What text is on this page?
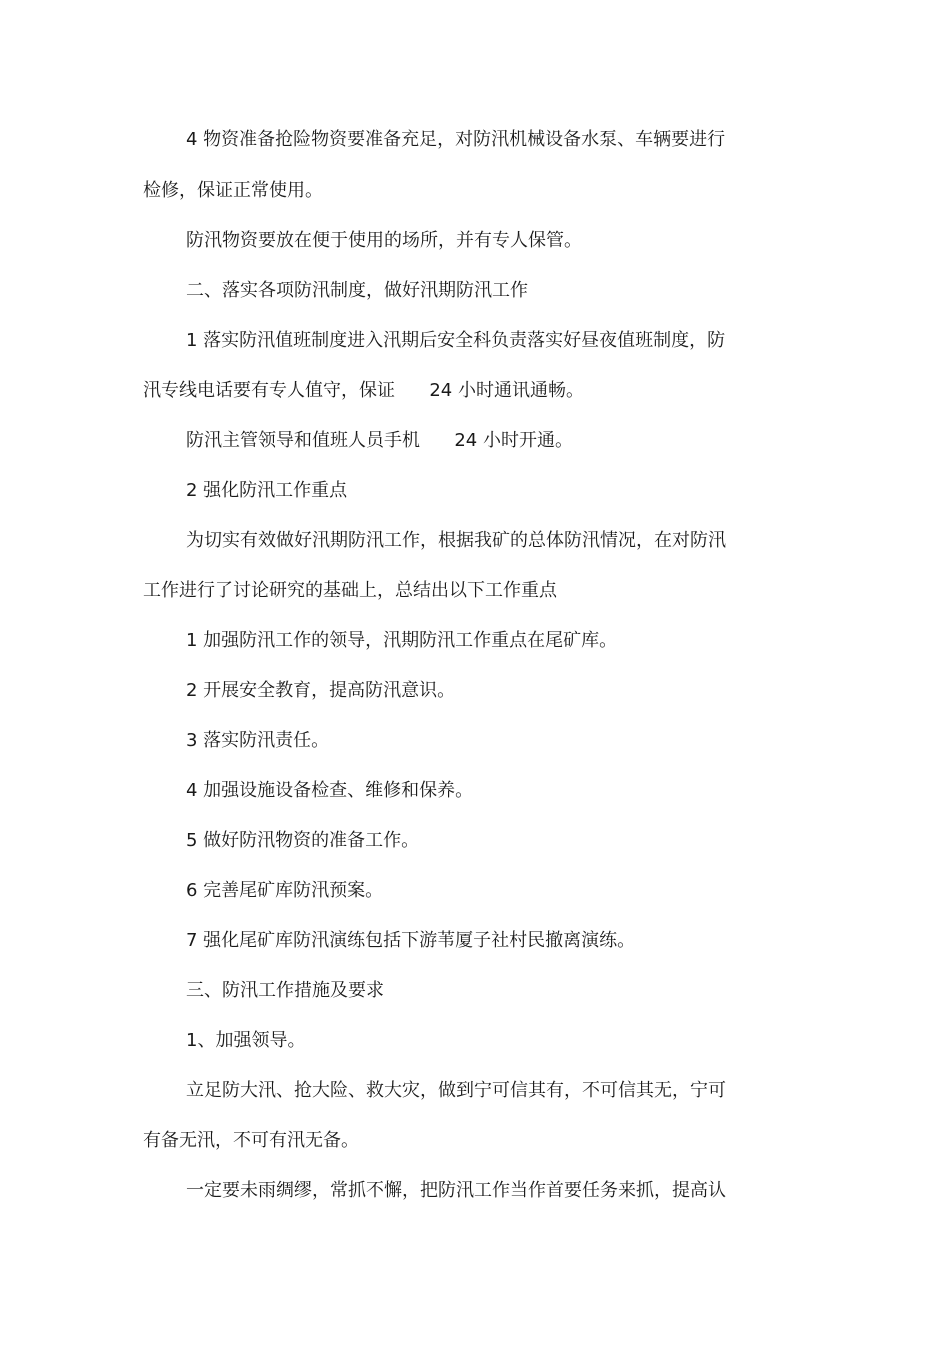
4 物资准备抢险物资要准备充足，对防汛机械设备水泵、车辆要进行

检修，保证正常使用。

防汛物资要放在便于使用的场所，并有专人保管。

二、落实各项防汛制度，做好汛期防汛工作

1 落实防汛值班制度进入汛期后安全科负责落实好昼夜值班制度，防

汛专线电话要有专人值守，保证      24 小时通讯通畅。

防汛主管领导和值班人员手机      24 小时开通。

2 强化防汛工作重点

为切实有效做好汛期防汛工作，根据我矿的总体防汛情况，在对防汛

工作进行了讨论研究的基础上，总结出以下工作重点

1 加强防汛工作的领导，汛期防汛工作重点在尾矿库。

2 开展安全教育，提高防汛意识。

3 落实防汛责任。

4 加强设施设备检查、维修和保养。

5 做好防汛物资的准备工作。

6 完善尾矿库防汛预案。

7 强化尾矿库防汛演练包括下游苇厦子社村民撤离演练。

三、防汛工作措施及要求

1、加强领导。

立足防大汛、抢大险、救大灾，做到宁可信其有，不可信其无，宁可

有备无汛，不可有汛无备。

一定要未雨绸缪，常抓不懈，把防汛工作当作首要任务来抓，提高认
